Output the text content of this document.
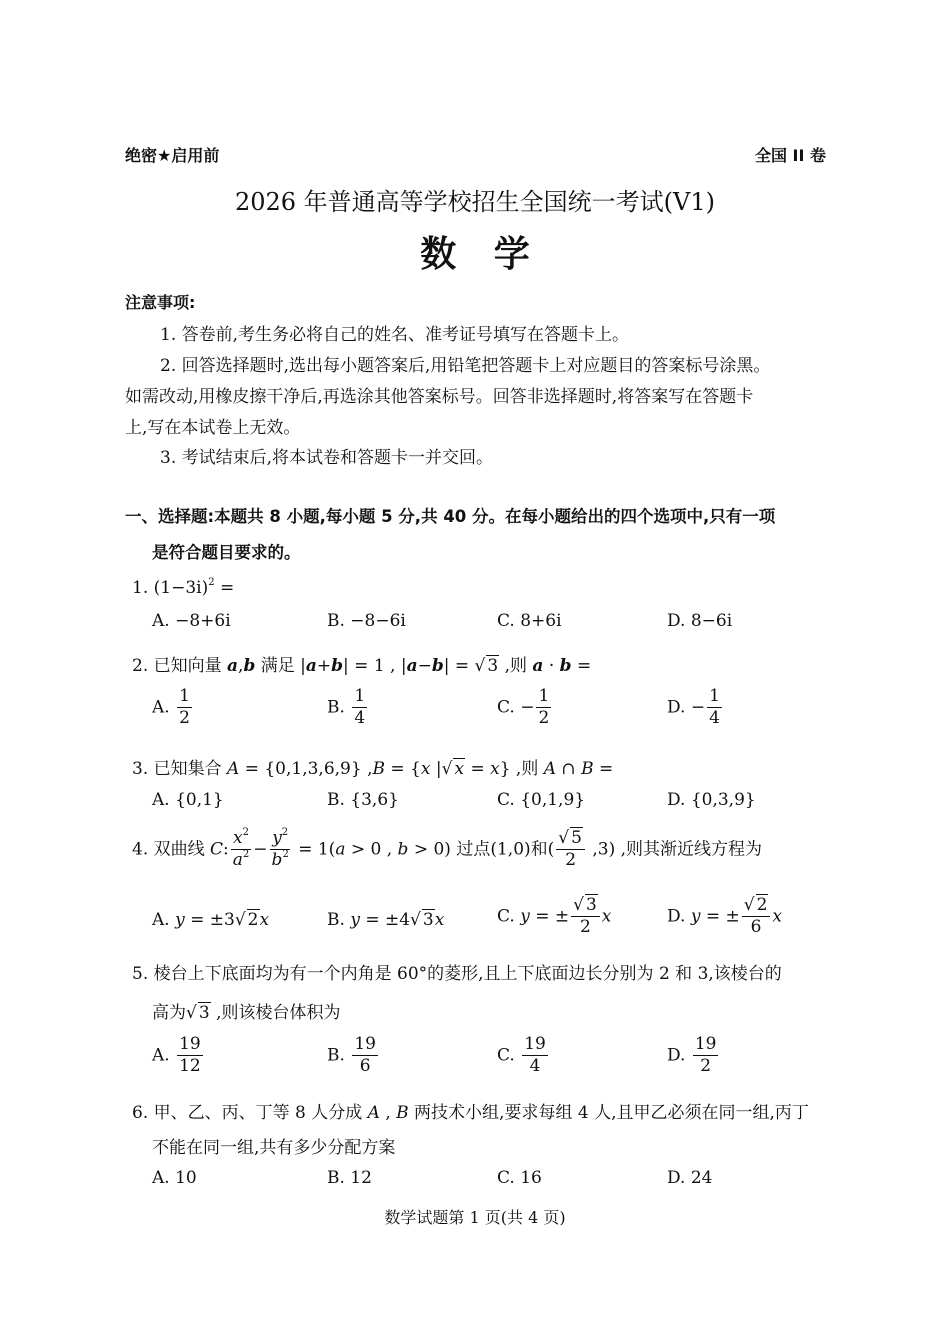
绝密★启用前	全国 II 卷
2026 年普通高等学校招生全国统一考试(V1)
数   学
注意事项:
1. 答卷前,考生务必将自己的姓名、准考证号填写在答题卡上。
2. 回答选择题时,选出每小题答案后,用铅笔把答题卡上对应题目的答案标号涂黑。
如需改动,用橡皮擦干净后,再选涂其他答案标号。回答非选择题时,将答案写在答题卡
上,写在本试卷上无效。
3. 考试结束后,将本试卷和答题卡一并交回。
一、选择题:本题共 8 小题,每小题 5 分,共 40 分。在每小题给出的四个选项中,只有一项
是符合题目要求的。
1. $(1-3i)^2$ =
A. −8+6i	B. −8−6i	C. 8+6i	D. 8−6i
2. 已知向量 a,b 满足 |a+b| = 1 , |a−b| = √ 3 ,则 a · b =
A. $\frac{1}{2}$	B. $\frac{1}{4}$	C. − $\frac{1}{2}$	D. − $\frac{1}{4}$
3. 已知集合 A = {0,1,3,6,9} ,B = {x |√ x = x} ,则 A ∩ B =
A. {0,1}	B. {3,6}	C. {0,1,9}	D. {0,3,9}
4. 双曲线 C: $\frac{x^2}{a^2} - \frac{y^2}{b^2} = 1(a > 0$ , b > 0) 过点(1,0)和( $\frac{√ 5}{2} ,3$) ,则其渐近线方程为
A. y = ±3√ 2x	B. y = ±4√ 3x	C. y = ± $\frac{√ 3}{2}$ x	D. y = ± $\frac{√ 2}{6}$ x
5. 棱台上下底面均为有一个内角是 60°的菱形,且上下底面边长分别为 2 和 3,该棱台的
高为√ 3 ,则该棱台体积为
A. $\frac{19}{12}$	B. $\frac{19}{6}$	C. $\frac{19}{4}$	D. $\frac{19}{2}$
6. 甲、乙、丙、丁等 8 人分成 A , B 两技术小组,要求每组 4 人,且甲乙必须在同一组,丙丁
不能在同一组,共有多少分配方案
A. 10	B. 12	C. 16	D. 24
数学试题第 1 页(共 4 页)
